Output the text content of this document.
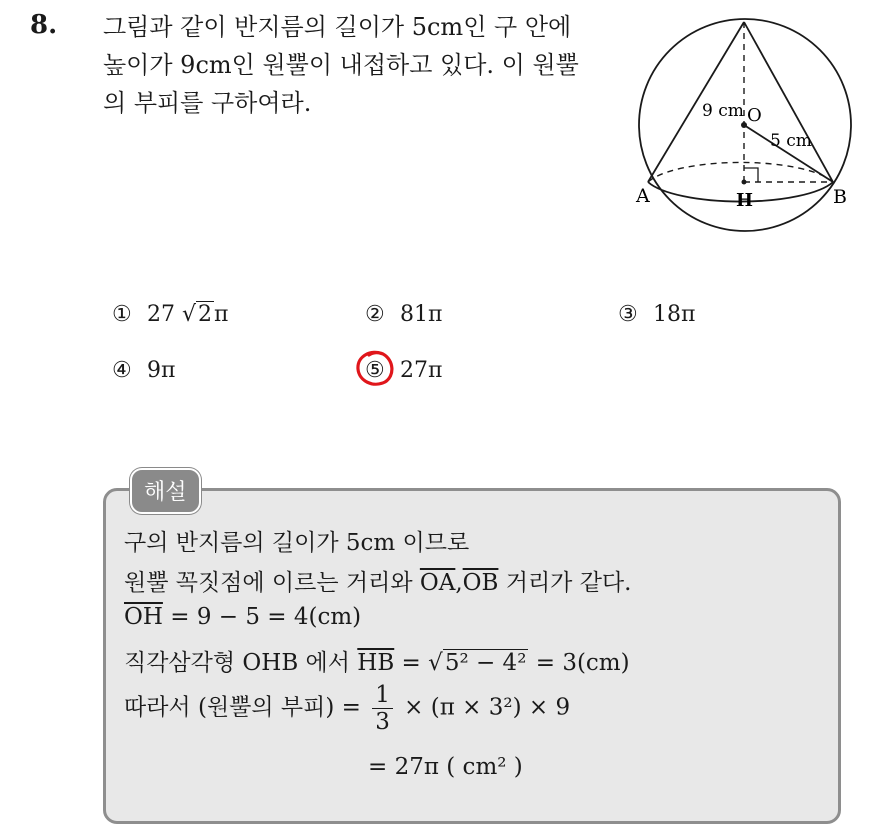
8. 그림과 같이 반지름의 길이가 5cm인 구 안에
높이가 9cm인 원뿔이 내접하고 있다. 이 원뿔
의 부피를 구하여라.	O
9 cm
5 cm
A	H	B
① 27 √2π	② 81π	③ 18π
④ 9π	⑤ 27π
해설
구의 반지름의 길이가 5cm 이므로
원뿔 꼭짓점에 이르는 거리와 $\overline{OA},\overline{OB}$ 거리가 같다.
$\overline{OH} = 9 - 5 = 4(cm)$
직각삼각형 OHB 에서 $\overline{HB} = √5^2 - 4^2 = 3(cm)$
따라서 (원뿔의 부피) = $\frac{1}{3} \times (\pi \times 3^2) \times 9$
= 27π ( cm² )
